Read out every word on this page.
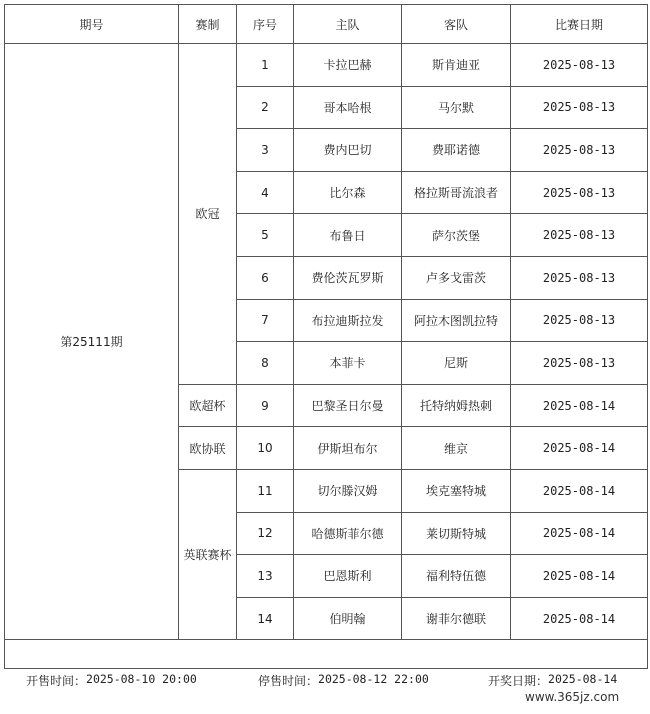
期号	赛制	序号	主队	客队	比赛日期
第25111期	欧冠	1	卡拉巴赫	斯肯迪亚	2025-08-13
		2	哥本哈根	马尔默	2025-08-13
		3	费内巴切	费耶诺德	2025-08-13
		4	比尔森	格拉斯哥流浪者	2025-08-13
		5	布鲁日	萨尔茨堡	2025-08-13
		6	费伦茨瓦罗斯	卢多戈雷茨	2025-08-13
		7	布拉迪斯拉发	阿拉木图凯拉特	2025-08-13
		8	本菲卡	尼斯	2025-08-13
	欧超杯	9	巴黎圣日尔曼	托特纳姆热刺	2025-08-14
	欧协联	10	伊斯坦布尔	维京	2025-08-14
	英联赛杯	11	切尔滕汉姆	埃克塞特城	2025-08-14
		12	哈德斯菲尔德	莱切斯特城	2025-08-14
		13	巴恩斯利	福利特伍德	2025-08-14
		14	伯明翰	谢菲尔德联	2025-08-14

开售时间： 2025-08-10 20:00	停售时间： 2025-08-12 22:00	开奖日期： 2025-08-14
www.365jz.com
